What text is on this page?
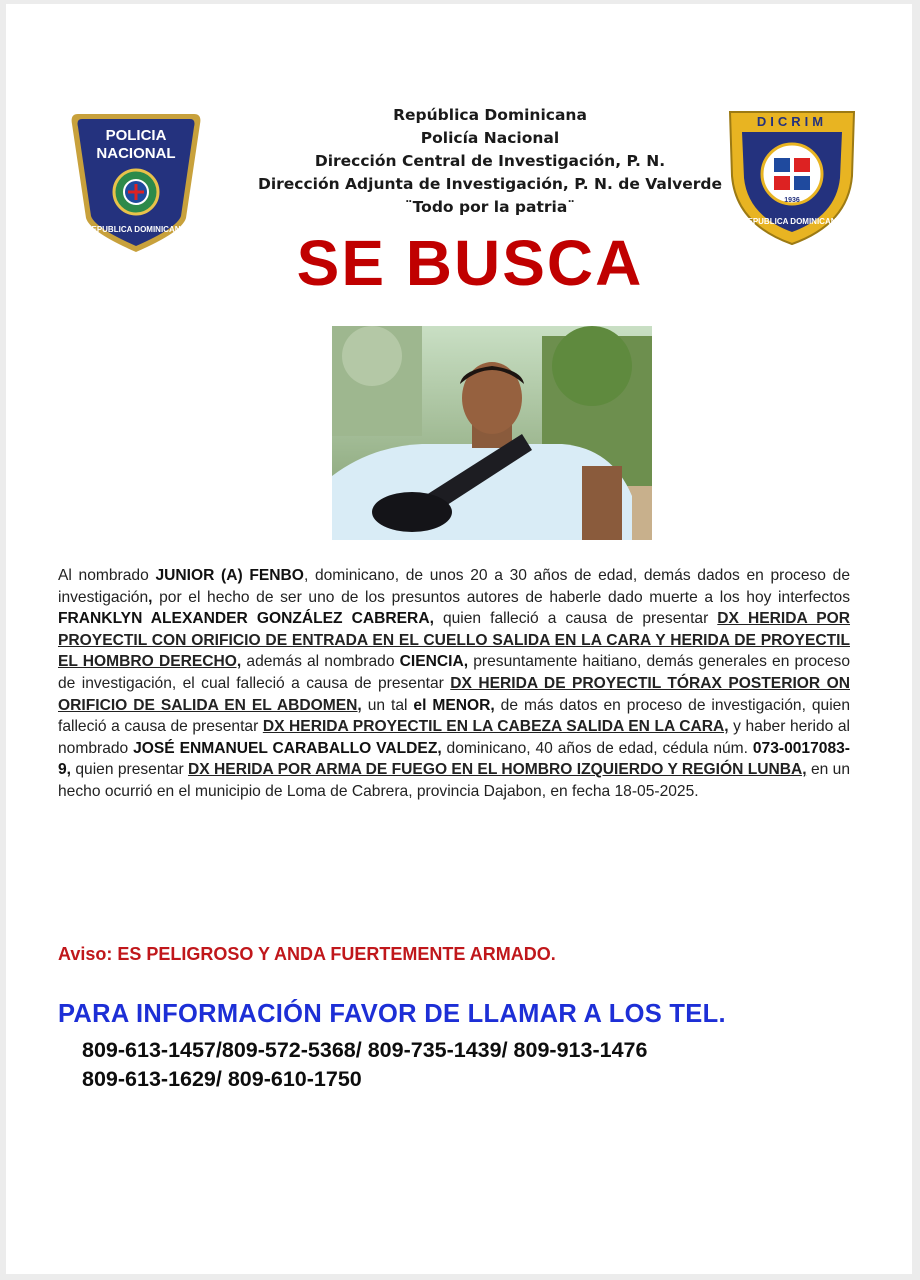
POLICIA
NACIONAL
REPUBLICA DOMINICANA
República Dominicana
Policía Nacional
Dirección Central de Investigación, P. N.
Dirección Adjunta de Investigación, P. N. de Valverde
¨Todo por la patria¨
DICRIM
1936
P.N.
REPUBLICA DOMINICANA
SE BUSCA
Al nombrado JUNIOR (A) FENBO, dominicano, de unos 20 a 30 años de edad, demás dados en proceso de investigación, por el hecho de ser uno de los presuntos autores de haberle dado muerte a los hoy interfectos FRANKLYN ALEXANDER GONZÁLEZ CABRERA, quien falleció a causa de presentar DX HERIDA POR PROYECTIL CON ORIFICIO DE ENTRADA EN EL CUELLO SALIDA EN LA CARA Y HERIDA DE PROYECTIL EL HOMBRO DERECHO, además al nombrado CIENCIA, presuntamente haitiano, demás generales en proceso de investigación, el cual falleció a causa de presentar DX HERIDA DE PROYECTIL TÓRAX POSTERIOR ON ORIFICIO DE SALIDA EN EL ABDOMEN, un tal el MENOR, de más datos en proceso de investigación, quien falleció a causa de presentar DX HERIDA PROYECTIL EN LA CABEZA SALIDA EN LA CARA, y haber herido al nombrado JOSÉ ENMANUEL CARABALLO VALDEZ, dominicano, 40 años de edad, cédula núm. 073-0017083-9, quien presentar DX HERIDA POR ARMA DE FUEGO EN EL HOMBRO IZQUIERDO Y REGIÓN LUNBA, en un hecho ocurrió en el municipio de Loma de Cabrera, provincia Dajabon, en fecha 18-05-2025.
Aviso: ES PELIGROSO Y ANDA FUERTEMENTE ARMADO.
PARA INFORMACIÓN FAVOR DE LLAMAR A LOS TEL.
809-613-1457/809-572-5368/ 809-735-1439/ 809-913-1476
809-613-1629/ 809-610-1750
